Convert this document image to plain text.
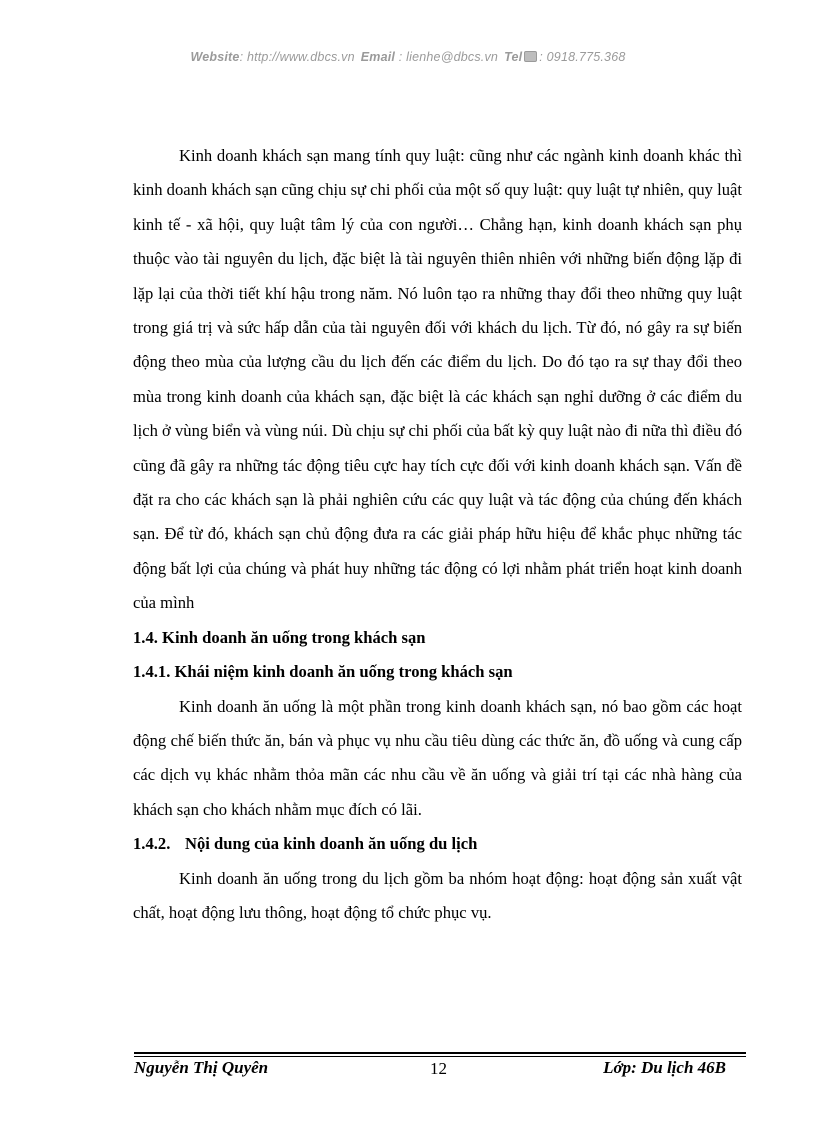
Website: http://www.dbcs.vn Email : lienhe@dbcs.vn Tel : 0918.775.368

Kinh doanh khách sạn mang tính quy luật: cũng như các ngành kinh doanh khác thì kinh doanh khách sạn cũng chịu sự chi phối của một số quy luật: quy luật tự nhiên, quy luật kinh tế - xã hội, quy luật tâm lý của con người… Chẳng hạn, kinh doanh khách sạn phụ thuộc vào tài nguyên du lịch, đặc biệt là tài nguyên thiên nhiên với những biến động lặp đi lặp lại của thời tiết khí hậu trong năm. Nó luôn tạo ra những thay đổi theo những quy luật trong giá trị và sức hấp dẫn của tài nguyên đối với khách du lịch. Từ đó, nó gây ra sự biến động theo mùa của lượng cầu du lịch đến các điểm du lịch. Do đó tạo ra sự thay đổi theo mùa trong kinh doanh của khách sạn, đặc biệt là các khách sạn nghỉ dưỡng ở các điểm du lịch ở vùng biển và vùng núi. Dù chịu sự chi phối của bất kỳ quy luật nào đi nữa thì điều đó cũng đã gây ra những tác động tiêu cực hay tích cực đối với kinh doanh khách sạn. Vấn đề đặt ra cho các khách sạn là phải nghiên cứu các quy luật và tác động của chúng đến khách sạn. Để từ đó, khách sạn chủ động đưa ra các giải pháp hữu hiệu để khắc phục những tác động bất lợi của chúng và phát huy những tác động có lợi nhằm phát triển hoạt kinh doanh của mình

1.4. Kinh doanh ăn uống trong khách sạn

1.4.1. Khái niệm kinh doanh ăn uống trong khách sạn

Kinh doanh ăn uống là một phần trong kinh doanh khách sạn, nó bao gồm các hoạt động chế biến thức ăn, bán và phục vụ nhu cầu tiêu dùng các thức ăn, đồ uống và cung cấp các dịch vụ khác nhằm thỏa mãn các nhu cầu về ăn uống và giải trí tại các nhà hàng của khách sạn cho khách nhằm mục đích có lãi.

1.4.2. Nội dung của kinh doanh ăn uống du lịch

Kinh doanh ăn uống trong du lịch gồm ba nhóm hoạt động: hoạt động sản xuất vật chất, hoạt động lưu thông, hoạt động tổ chức phục vụ.

Nguyễn Thị Quyên	12	Lớp: Du lịch 46B
